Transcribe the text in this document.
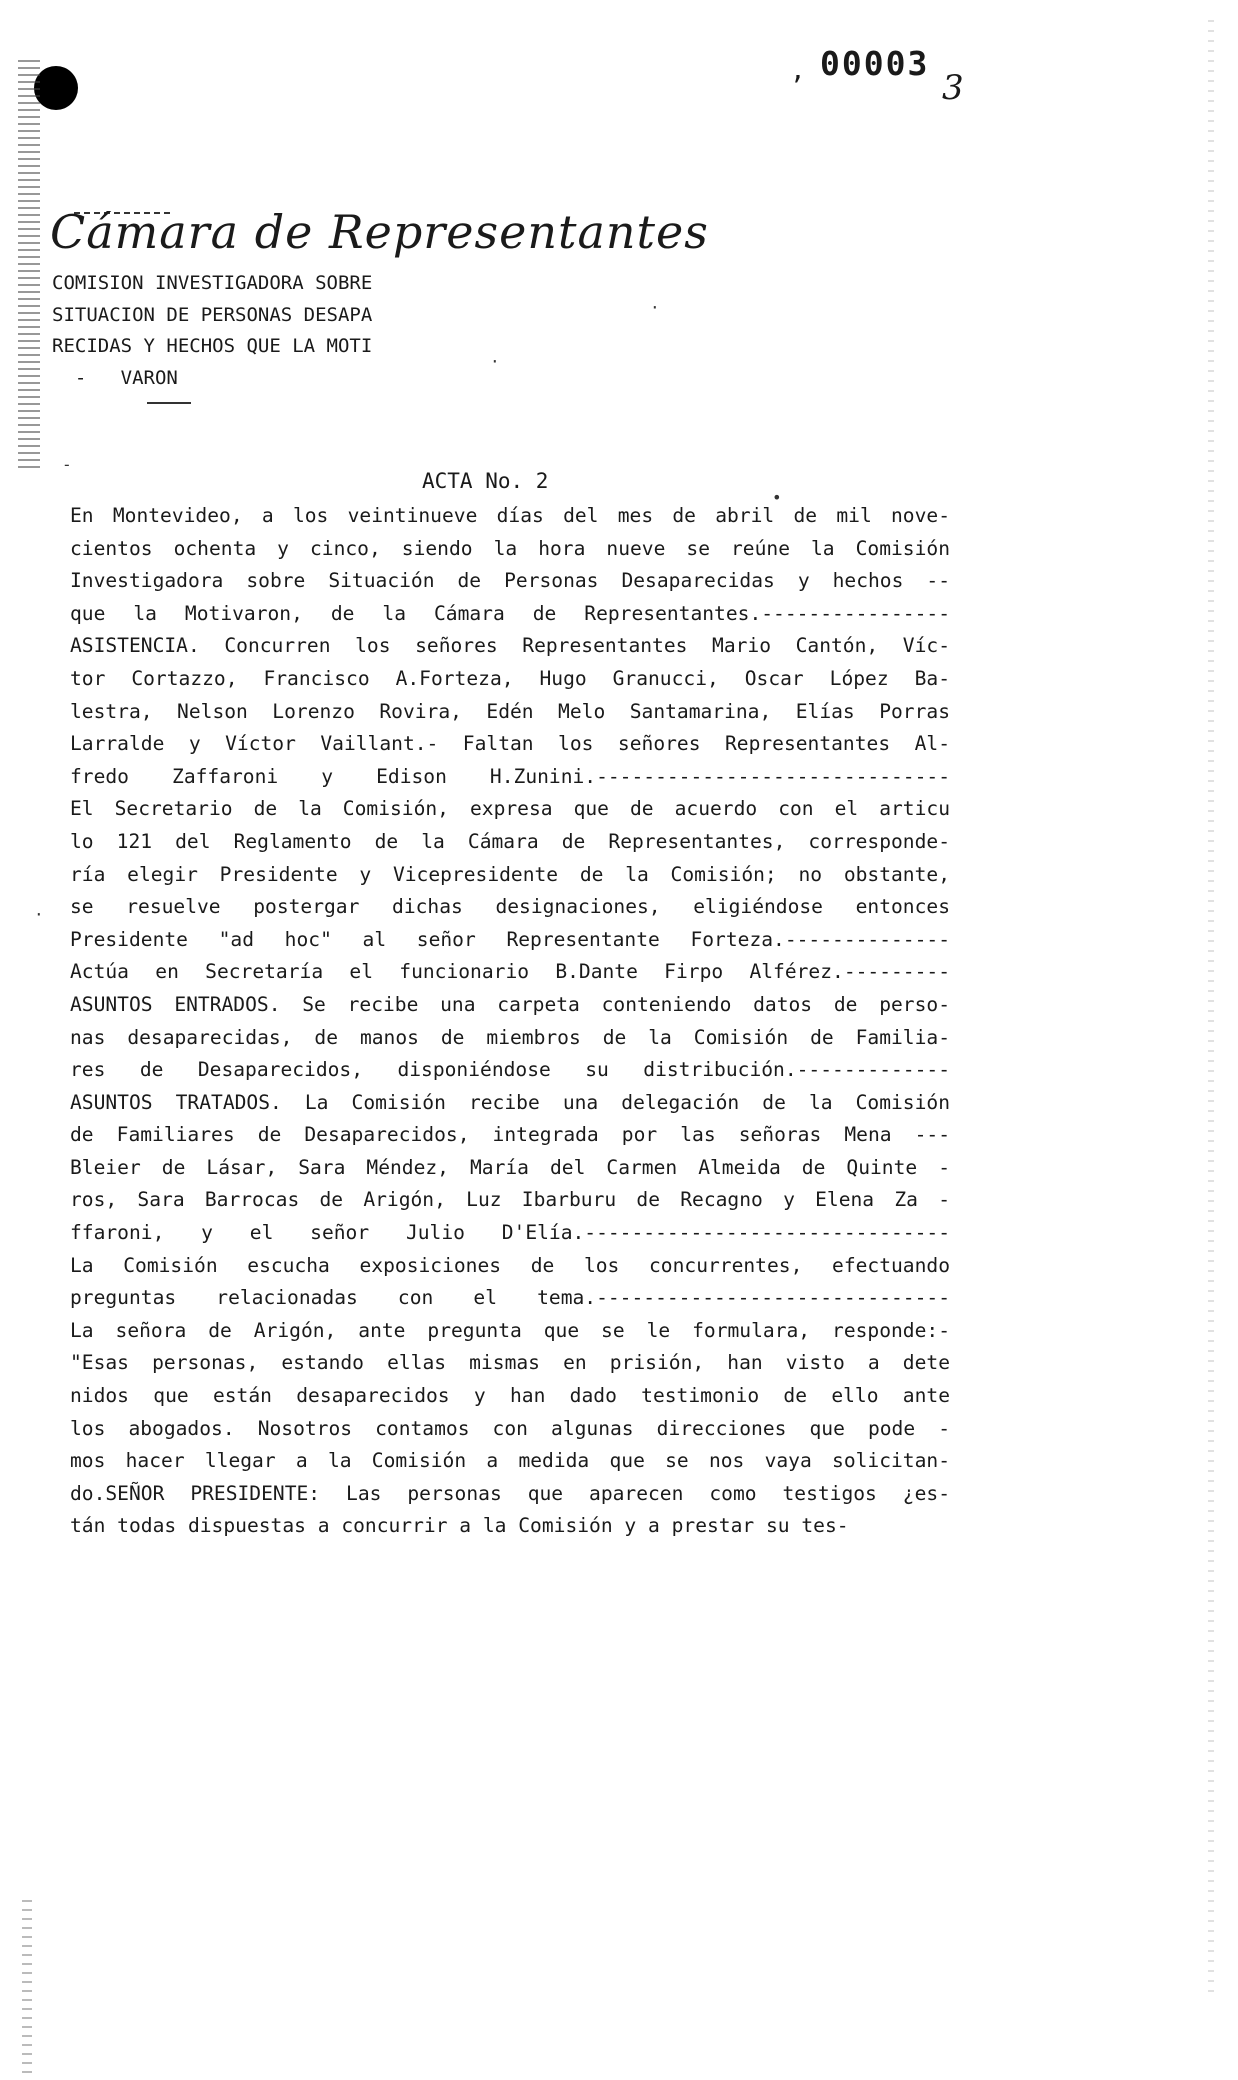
, 00003

3

Cámara de Representantes

COMISION INVESTIGADORA SOBRE
SITUACION DE PERSONAS DESAPA
RECIDAS Y HECHOS QUE LA MOTI
-   VARON

ACTA No. 2

En Montevideo, a los veintinueve días del mes de abril de mil nove-
cientos ochenta y cinco, siendo la hora nueve se reúne la Comisión
Investigadora sobre Situación de Personas Desaparecidas y hechos --
que la Motivaron, de la Cámara de Representantes.----------------
ASISTENCIA. Concurren los señores Representantes Mario Cantón, Víc-
tor Cortazzo, Francisco A.Forteza, Hugo Granucci, Oscar López Ba-
lestra, Nelson Lorenzo Rovira, Edén Melo Santamarina, Elías Porras
Larralde y Víctor Vaillant.- Faltan los señores Representantes Al-
fredo Zaffaroni y Edison H.Zunini.------------------------------
El Secretario de la Comisión, expresa que de acuerdo con el articu
lo 121 del Reglamento de la Cámara de Representantes, corresponde-
ría elegir Presidente y Vicepresidente de la Comisión; no obstante,
se resuelve postergar dichas designaciones, eligiéndose entonces
Presidente "ad hoc" al señor Representante Forteza.--------------
Actúa en Secretaría el funcionario B.Dante Firpo Alférez.---------
ASUNTOS ENTRADOS. Se recibe una carpeta conteniendo datos de perso-
nas desaparecidas, de manos de miembros de la Comisión de Familia-
res de Desaparecidos, disponiéndose su distribución.-------------
ASUNTOS TRATADOS. La Comisión recibe una delegación de la Comisión
de Familiares de Desaparecidos, integrada por las señoras Mena ---
Bleier de Lásar, Sara Méndez, María del Carmen Almeida de Quinte -
ros, Sara Barrocas de Arigón, Luz Ibarburu de Recagno y Elena Za -
ffaroni, y el señor Julio D'Elía.-------------------------------
La Comisión escucha exposiciones de los concurrentes, efectuando
preguntas relacionadas con el tema.------------------------------
La señora de Arigón, ante pregunta que se le formulara, responde:-
"Esas personas, estando ellas mismas en prisión, han visto a dete
nidos que están desaparecidos y han dado testimonio de ello ante
los abogados. Nosotros contamos con algunas direcciones que pode -
mos hacer llegar a la Comisión a medida que se nos vaya solicitan-
do.SEÑOR PRESIDENTE: Las personas que aparecen como testigos ¿es-
tán todas dispuestas a concurrir a la Comisión y a prestar su tes-
-
•
·
·
·
